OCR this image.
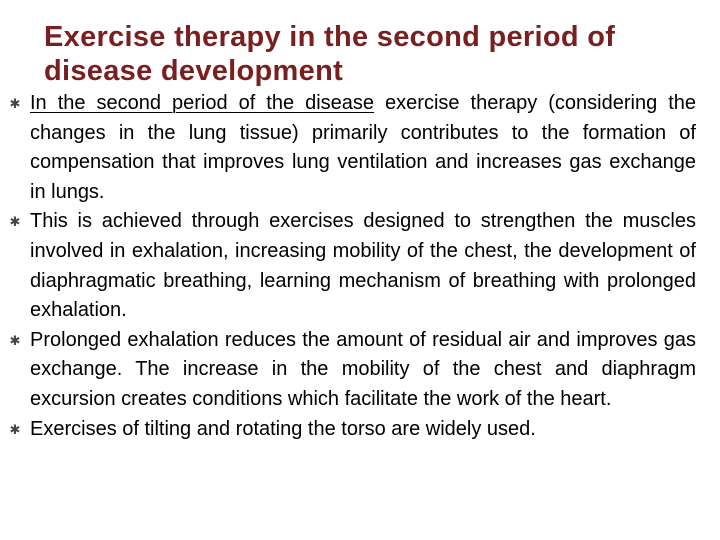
Exercise therapy in the second period of disease development
✱ In the second period of the disease exercise therapy (considering the changes in the lung tissue) primarily contributes to the formation of compensation that improves lung ventilation and increases gas exchange in lungs.
✱ This is achieved through exercises designed to strengthen the muscles involved in exhalation, increasing mobility of the chest, the development of diaphragmatic breathing, learning mechanism of breathing with prolonged exhalation.
✱ Prolonged exhalation reduces the amount of residual air and improves gas exchange. The increase in the mobility of the chest and diaphragm excursion creates conditions which facilitate the work of the heart.
✱ Exercises of tilting and rotating the torso are widely used.
